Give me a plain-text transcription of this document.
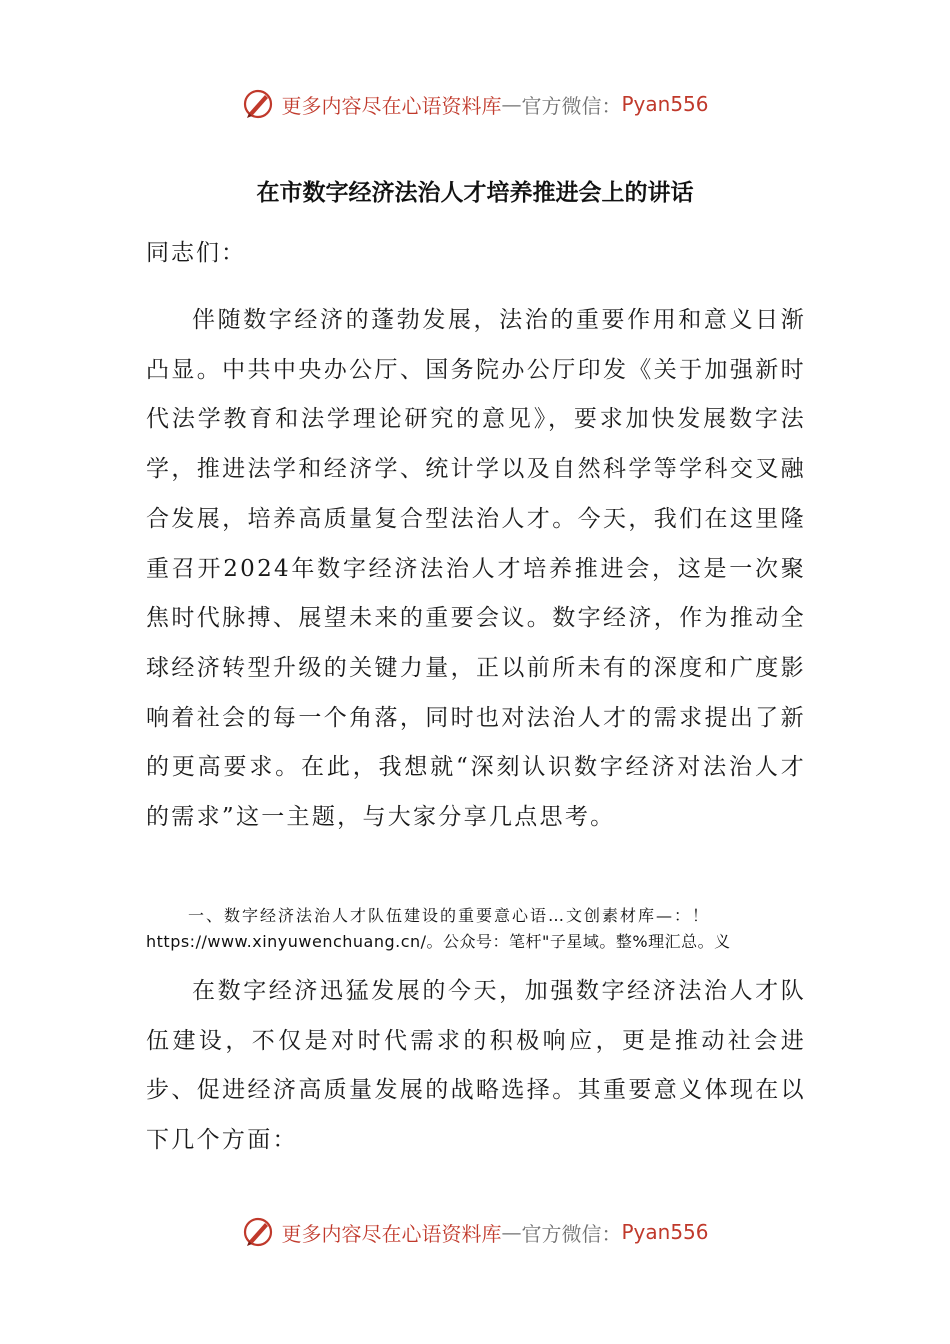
更多内容尽在心语资料库 — 官方微信： Pyan556
在市数字经济法治人才培养推进会上的讲话
同志们：
伴随数字经济的蓬勃发展，法治的重要作用和意义日渐凸显。中共中央办公厅、国务院办公厅印发《关于加强新时代法学教育和法学理论研究的意见》，要求加快发展数字法学，推进法学和经济学、统计学以及自然科学等学科交叉融合发展，培养高质量复合型法治人才。今天，我们在这里隆重召开2024年数字经济法治人才培养推进会，这是一次聚焦时代脉搏、展望未来的重要会议。数字经济，作为推动全球经济转型升级的关键力量，正以前所未有的深度和广度影响着社会的每一个角落，同时也对法治人才的需求提出了新的更高要求。在此，我想就“深刻认识数字经济对法治人才的需求”这一主题，与大家分享几点思考。
一、数字经济法治人才队伍建设的重要意心语…文创素材库—：！
https://www.xinyuwenchuang.cn/。公众号：笔杆"子星域。整%理汇总。义
在数字经济迅猛发展的今天，加强数字经济法治人才队伍建设，不仅是对时代需求的积极响应，更是推动社会进步、促进经济高质量发展的战略选择。其重要意义体现在以下几个方面：
更多内容尽在心语资料库 — 官方微信： Pyan556
